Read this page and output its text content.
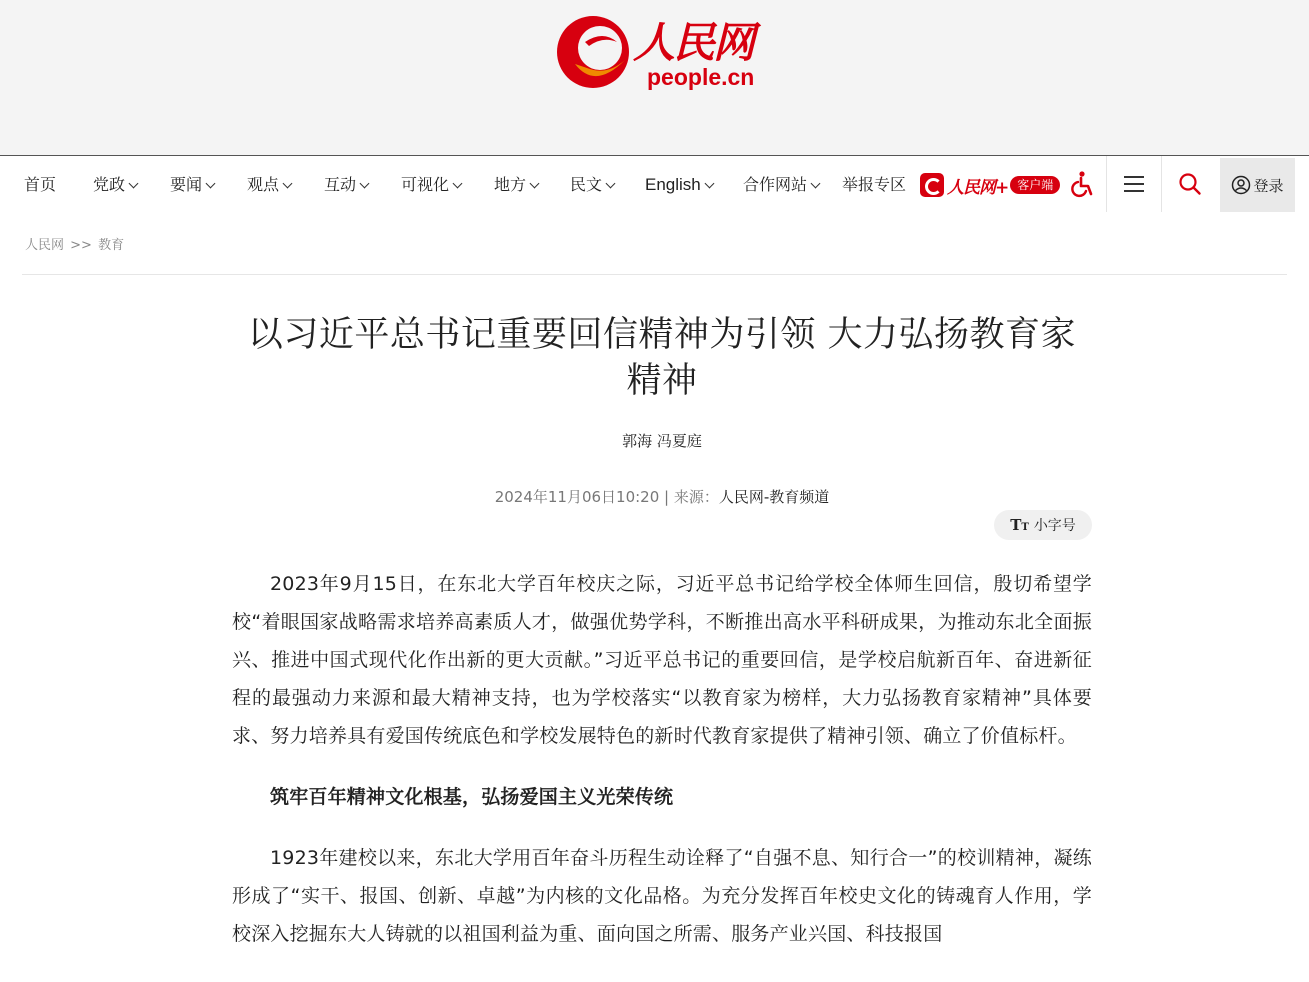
人民网
people.cn
首页 党政	要闻	观点	互动	可视化	地方	民文	English	合作网站	举报专区 人民网+ 客户端	登录
人民网 >> 教育
以习近平总书记重要回信精神为引领 大力弘扬教育家精神
郭海 冯夏庭
2024年11月06日10:20 | 来源：人民网-教育频道
TT 小字号

2023年9月15日，在东北大学百年校庆之际，习近平总书记给学校全体师生回信，殷切希望学校“着眼国家战略需求培养高素质人才，做强优势学科，不断推出高水平科研成果，为推动东北全面振兴、推进中国式现代化作出新的更大贡献。”习近平总书记的重要回信，是学校启航新百年、奋进新征程的最强动力来源和最大精神支持，也为学校落实“以教育家为榜样，大力弘扬教育家精神”具体要求、努力培养具有爱国传统底色和学校发展特色的新时代教育家提供了精神引领、确立了价值标杆。

筑牢百年精神文化根基，弘扬爱国主义光荣传统

1923年建校以来，东北大学用百年奋斗历程生动诠释了“自强不息、知行合一”的校训精神，凝练形成了“实干、报国、创新、卓越”为内核的文化品格。为充分发挥百年校史文化的铸魂育人作用，学校深入挖掘东大人铸就的以祖国利益为重、面向国之所需、服务产业兴国、科技报国
